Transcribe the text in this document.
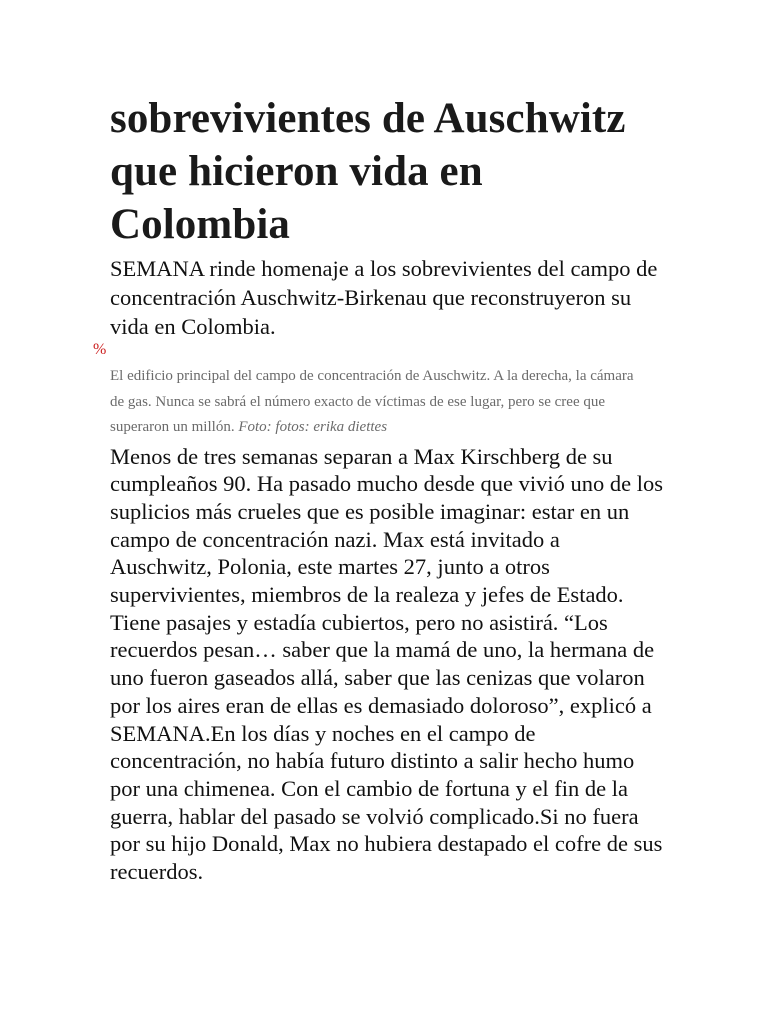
sobrevivientes de Auschwitz que hicieron vida en Colombia

SEMANA rinde homenaje a los sobrevivientes del campo de concentración Auschwitz-Birkenau que reconstruyeron su vida en Colombia.

%

El edificio principal del campo de concentración de Auschwitz. A la derecha, la cámara de gas. Nunca se sabrá el número exacto de víctimas de ese lugar, pero se cree que superaron un millón. Foto: fotos: erika diettes

Menos de tres semanas separan a Max Kirschberg de su cumpleaños 90. Ha pasado mucho desde que vivió uno de los suplicios más crueles que es posible imaginar: estar en un campo de concentración nazi. Max está invitado a Auschwitz, Polonia, este martes 27, junto a otros supervivientes, miembros de la realeza y jefes de Estado. Tiene pasajes y estadía cubiertos, pero no asistirá. “Los recuerdos pesan… saber que la mamá de uno, la hermana de uno fueron gaseados allá, saber que las cenizas que volaron por los aires eran de ellas es demasiado doloroso”, explicó a SEMANA.En los días y noches en el campo de concentración, no había futuro distinto a salir hecho humo por una chimenea. Con el cambio de fortuna y el fin de la guerra, hablar del pasado se volvió complicado.Si no fuera por su hijo Donald, Max no hubiera destapado el cofre de sus recuerdos.
